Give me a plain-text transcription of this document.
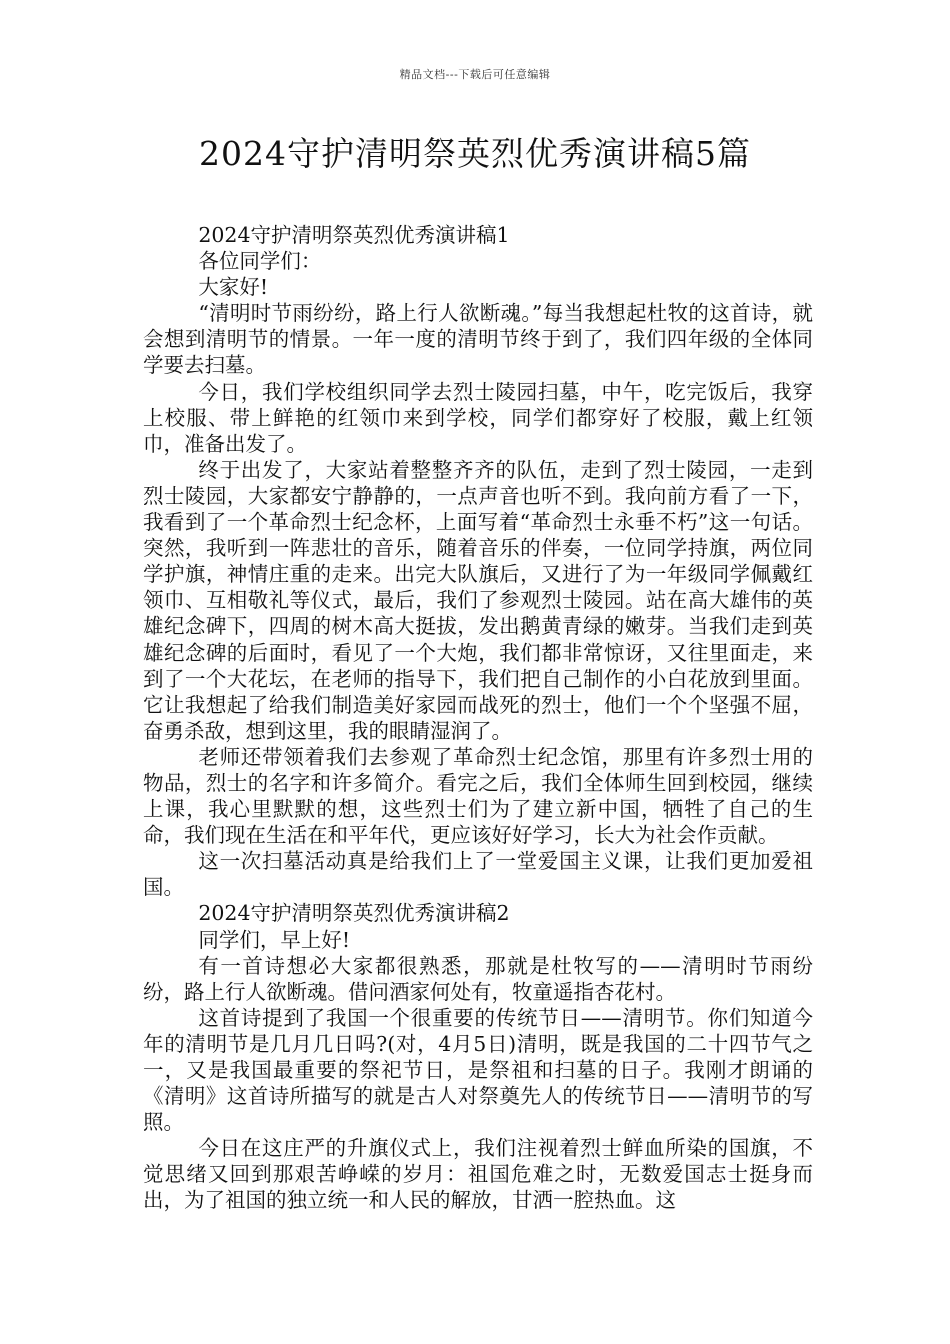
精品文档---下载后可任意编辑
2024守护清明祭英烈优秀演讲稿5篇

2024守护清明祭英烈优秀演讲稿1

各位同学们：

大家好!

“清明时节雨纷纷，路上行人欲断魂。”每当我想起杜牧的这首诗，就会想到清明节的情景。一年一度的清明节终于到了，我们四年级的全体同学要去扫墓。

今日，我们学校组织同学去烈士陵园扫墓，中午，吃完饭后，我穿上校服、带上鲜艳的红领巾来到学校，同学们都穿好了校服，戴上红领巾，准备出发了。

终于出发了，大家站着整整齐齐的队伍，走到了烈士陵园，一走到烈士陵园，大家都安宁静静的，一点声音也听不到。我向前方看了一下，我看到了一个革命烈士纪念杯，上面写着“革命烈士永垂不朽”这一句话。突然，我听到一阵悲壮的音乐，随着音乐的伴奏，一位同学持旗，两位同学护旗，神情庄重的走来。出完大队旗后，又进行了为一年级同学佩戴红领巾、互相敬礼等仪式，最后，我们了参观烈士陵园。站在高大雄伟的英雄纪念碑下，四周的树木高大挺拔，发出鹅黄青绿的嫩芽。当我们走到英雄纪念碑的后面时，看见了一个大炮，我们都非常惊讶，又往里面走，来到了一个大花坛，在老师的指导下，我们把自己制作的小白花放到里面。它让我想起了给我们制造美好家园而战死的烈士，他们一个个坚强不屈，奋勇杀敌，想到这里，我的眼睛湿润了。

老师还带领着我们去参观了革命烈士纪念馆，那里有许多烈士用的物品，烈士的名字和许多简介。看完之后，我们全体师生回到校园，继续上课，我心里默默的想，这些烈士们为了建立新中国，牺牲了自己的生命，我们现在生活在和平年代，更应该好好学习，长大为社会作贡献。

这一次扫墓活动真是给我们上了一堂爱国主义课，让我们更加爱祖国。

2024守护清明祭英烈优秀演讲稿2

同学们，早上好!

有一首诗想必大家都很熟悉，那就是杜牧写的——清明时节雨纷纷，路上行人欲断魂。借问酒家何处有，牧童遥指杏花村。

这首诗提到了我国一个很重要的传统节日——清明节。你们知道今年的清明节是几月几日吗?(对，4月5日)清明，既是我国的二十四节气之一，又是我国最重要的祭祀节日，是祭祖和扫墓的日子。我刚才朗诵的《清明》这首诗所描写的就是古人对祭奠先人的传统节日——清明节的写照。

今日在这庄严的升旗仪式上，我们注视着烈士鲜血所染的国旗，不觉思绪又回到那艰苦峥嵘的岁月：祖国危难之时，无数爱国志士挺身而出，为了祖国的独立统一和人民的解放，甘洒一腔热血。这
